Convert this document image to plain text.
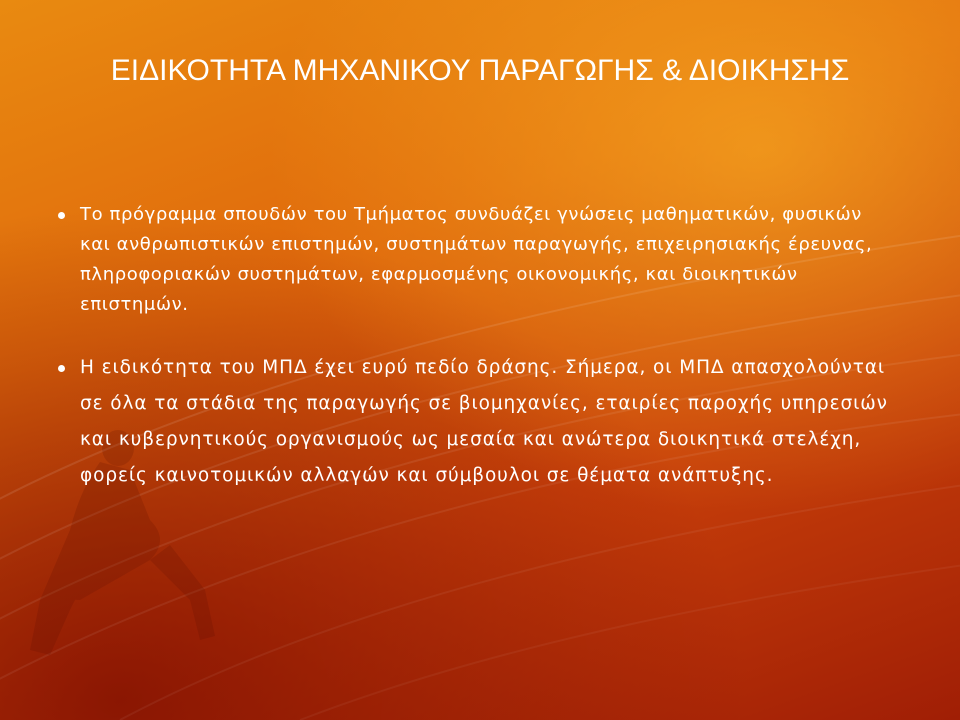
ΕΙΔΙΚΟΤΗΤΑ ΜΗΧΑΝΙΚΟΥ ΠΑΡΑΓΩΓΗΣ & ΔΙΟΙΚΗΣΗΣ
Το πρόγραμμα σπουδών του Τμήματος συνδυάζει γνώσεις μαθηματικών, φυσικών και ανθρωπιστικών επιστημών, συστημάτων παραγωγής, επιχειρησιακής έρευνας, πληροφοριακών συστημάτων, εφαρμοσμένης οικονομικής, και διοικητικών επιστημών.
Η ειδικότητα του ΜΠΔ έχει ευρύ πεδίο δράσης. Σήμερα, οι ΜΠΔ απασχολούνται σε όλα τα στάδια της παραγωγής σε βιομηχανίες, εταιρίες παροχής υπηρεσιών και κυβερνητικούς οργανισμούς ως μεσαία και ανώτερα διοικητικά στελέχη, φορείς καινοτομικών αλλαγών και σύμβουλοι σε θέματα ανάπτυξης.
